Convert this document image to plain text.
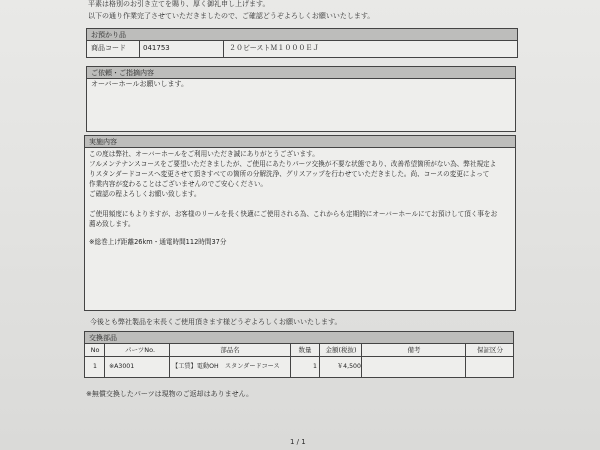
平素は格別のお引き立てを賜り、厚く御礼申し上げます。
以下の通り作業完了させていただきましたので、ご確認どうぞよろしくお願いいたします。
お預かり品
商品コード 041753	２０ビーストＭ１０００ＥＪ
ご依頼・ご指摘内容
オーバーホールお願いします。
実施内容
この度は弊社、オーバーホールをご利用いただき誠にありがとうございます。
フルメンテナンスコースをご要望いただきましたが、ご使用にあたりパーツ交換が不要な状態であり、改善希望箇所がない為、弊社規定よ
りスタンダードコースへ変更させて頂きすべての箇所の分解洗浄、グリスアップを行わせていただきました。尚、コースの変更によって
作業内容が変わることはございませんのでご安心ください。
ご確認の程よろしくお願い致します。
ご使用頻度にもよりますが、お客様のリールを長く快適にご使用される為、これからも定期的にオーバーホールにてお預けして頂く事をお
薦め致します。
※総巻上げ距離26km・通電時間112時間37分
今後とも弊社製品を末長くご使用頂きます様どうぞよろしくお願いいたします。
交換部品
No	パーツNo.	部品名	数量	金額(税抜)	備考	保証区分
1 ※A3001	【工賃】電動OH　スタンダードコース	1	￥4,500
※無償交換したパーツは現物のご返却はありません。
1 / 1
